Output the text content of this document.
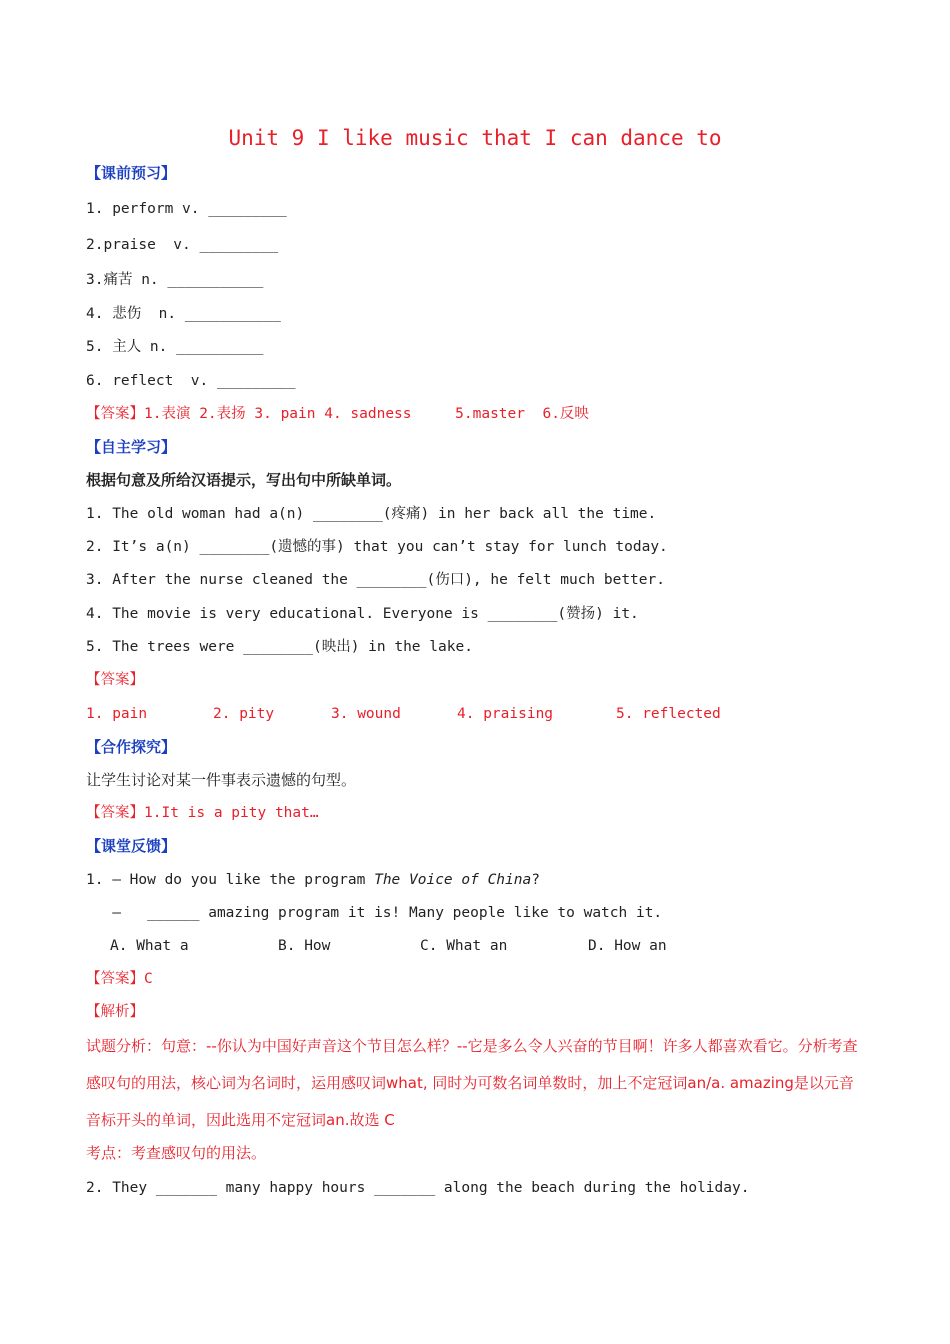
Unit 9 I like music that I can dance to
【课前预习】
1. perform v. _________
2.praise  v. _________
3.痛苦 n. ___________
4. 悲伤  n. ___________
5. 主人 n. __________
6. reflect  v. _________
【答案】1.表演 2.表扬 3. pain 4. sadness     5.master  6.反映
【自主学习】
根据句意及所给汉语提示，写出句中所缺单词。
1. The old woman had a(n) ________(疼痛) in her back all the time.
2. It’s a(n) ________(遗憾的事) that you can’t stay for lunch today.
3. After the nurse cleaned the ________(伤口), he felt much better.
4. The movie is very educational. Everyone is ________(赞扬) it.
5. The trees were ________(映出) in the lake.
【答案】
1. pain	2. pity	3. wound	4. praising	5. reflected
【合作探究】
让学生讨论对某一件事表示遗憾的句型。
【答案】1.It is a pity that…
【课堂反馈】
1. — How do you like the program The Voice of China?
—   ______ amazing program it is! Many people like to watch it.
A. What a	B. How	C. What an	D. How an
【答案】C
【解析】
试题分析：句意：--你认为中国好声音这个节目怎么样？--它是多么令人兴奋的节目啊！许多人都喜欢看它。分析考查感叹句的用法，核心词为名词时，运用感叹词what, 同时为可数名词单数时，加上不定冠词an/a. amazing是以元音音标开头的单词，因此选用不定冠词an.故选 C
考点：考查感叹句的用法。
2. They _______ many happy hours _______ along the beach during the holiday.
